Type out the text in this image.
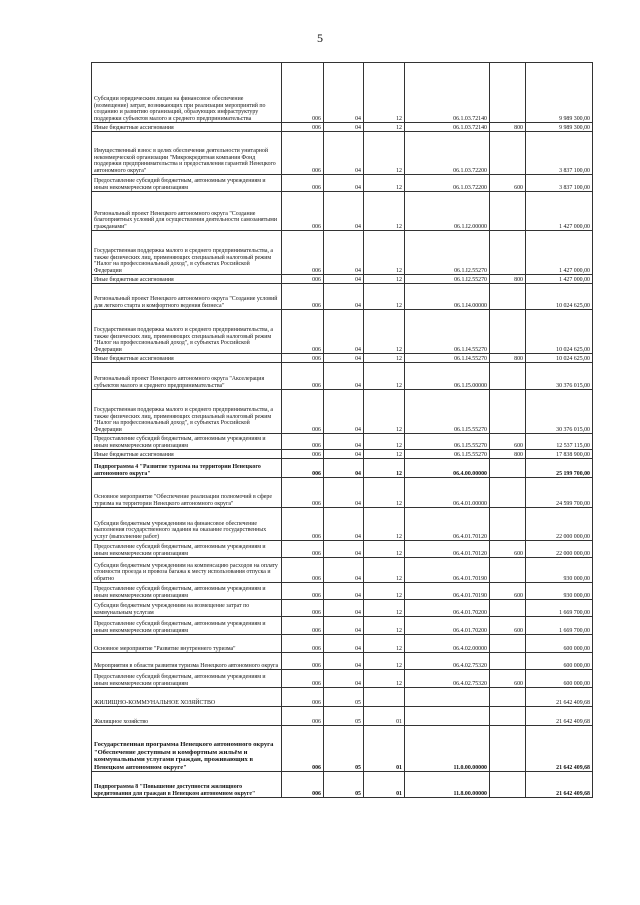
5
Субсидии юридическим лицам на финансовое обеспечение (возмещение) затрат, возникающих при реализации мероприятий по созданию и развитию организаций, образующих инфраструктуру поддержки субъектов малого и среднего предпринимательства	006	04	12	06.1.03.72140		9 989 300,00
Иные бюджетные ассигнования	006	04	12	06.1.03.72140	800	9 989 300,00
Имущественный взнос в целях обеспечения деятельности унитарной некоммерческой организации "Микрокредитная компания Фонд поддержки предпринимательства и предоставления гарантий Ненецкого автономного округа"	006	04	12	06.1.03.72200		3 837 100,00
Предоставление субсидий бюджетным, автономным учреждениям и иным некоммерческим организациям	006	04	12	06.1.03.72200	600	3 837 100,00
Региональный проект Ненецкого автономного округа "Создание благоприятных условий для осуществления деятельности самозанятыми гражданами"	006	04	12	06.1.I2.00000		1 427 000,00
Государственная поддержка малого и среднего предпринимательства, а также физических лиц, применяющих специальный налоговый режим "Налог на профессиональный доход", в субъектах Российской Федерации	006	04	12	06.1.I2.55270		1 427 000,00
Иные бюджетные ассигнования	006	04	12	06.1.I2.55270	800	1 427 000,00
Региональный проект Ненецкого автономного округа "Создание условий для легкого старта и комфортного ведения бизнеса"	006	04	12	06.1.I4.00000		10 024 625,00
Государственная поддержка малого и среднего предпринимательства, а также физических лиц, применяющих специальный налоговый режим "Налог на профессиональный доход", в субъектах Российской Федерации	006	04	12	06.1.I4.55270		10 024 625,00
Иные бюджетные ассигнования	006	04	12	06.1.I4.55270	800	10 024 625,00
Региональный проект Ненецкого автономного округа "Акселерация субъектов малого и среднего предпринимательства"	006	04	12	06.1.I5.00000		30 376 015,00
Государственная поддержка малого и среднего предпринимательства, а также физических лиц, применяющих специальный налоговый режим "Налог на профессиональный доход", в субъектах Российской Федерации	006	04	12	06.1.I5.55270		30 376 015,00
Предоставление субсидий бюджетным, автономным учреждениям и иным некоммерческим организациям	006	04	12	06.1.I5.55270	600	12 537 115,00
Иные бюджетные ассигнования	006	04	12	06.1.I5.55270	800	17 838 900,00
Подпрограмма 4 "Развитие туризма на территории Ненецкого автономного округа"	006	04	12	06.4.00.00000		25 199 700,00
Основное мероприятие "Обеспечение реализации полномочий в сфере туризма на территории Ненецкого автономного округа"	006	04	12	06.4.01.00000		24 599 700,00
Субсидии бюджетным учреждениям на финансовое обеспечение выполнения государственного задания на оказание государственных услуг (выполнение работ)	006	04	12	06.4.01.70120		22 000 000,00
Предоставление субсидий бюджетным, автономным учреждениям и иным некоммерческим организациям	006	04	12	06.4.01.70120	600	22 000 000,00
Субсидии бюджетным учреждениям на компенсацию расходов на оплату стоимости проезда и провоза багажа к месту использования отпуска и обратно	006	04	12	06.4.01.70190		930 000,00
Предоставление субсидий бюджетным, автономным учреждениям и иным некоммерческим организациям	006	04	12	06.4.01.70190	600	930 000,00
Субсидии бюджетным учреждениям на возмещение затрат по коммунальным услугам	006	04	12	06.4.01.70200		1 669 700,00
Предоставление субсидий бюджетным, автономным учреждениям и иным некоммерческим организациям	006	04	12	06.4.01.70200	600	1 669 700,00
Основное мероприятие "Развитие внутреннего туризма"	006	04	12	06.4.02.00000		600 000,00
Мероприятия в области развития туризма Ненецкого автономного округа	006	04	12	06.4.02.75320		600 000,00
Предоставление субсидий бюджетным, автономным учреждениям и иным некоммерческим организациям	006	04	12	06.4.02.75320	600	600 000,00
ЖИЛИЩНО-КОММУНАЛЬНОЕ ХОЗЯЙСТВО	006	05				21 642 409,68
Жилищное хозяйство	006	05	01			21 642 409,68
Государственная программа Ненецкого автономного округа "Обеспечение доступным и комфортным жильём и коммунальными услугами граждан, проживающих в Ненецком автономном округе"	006	05	01	11.0.00.00000		21 642 409,68
Подпрограмма 8 "Повышение доступности жилищного кредитования для граждан в Ненецком автономном округе"	006	05	01	11.8.00.00000		21 642 409,68
